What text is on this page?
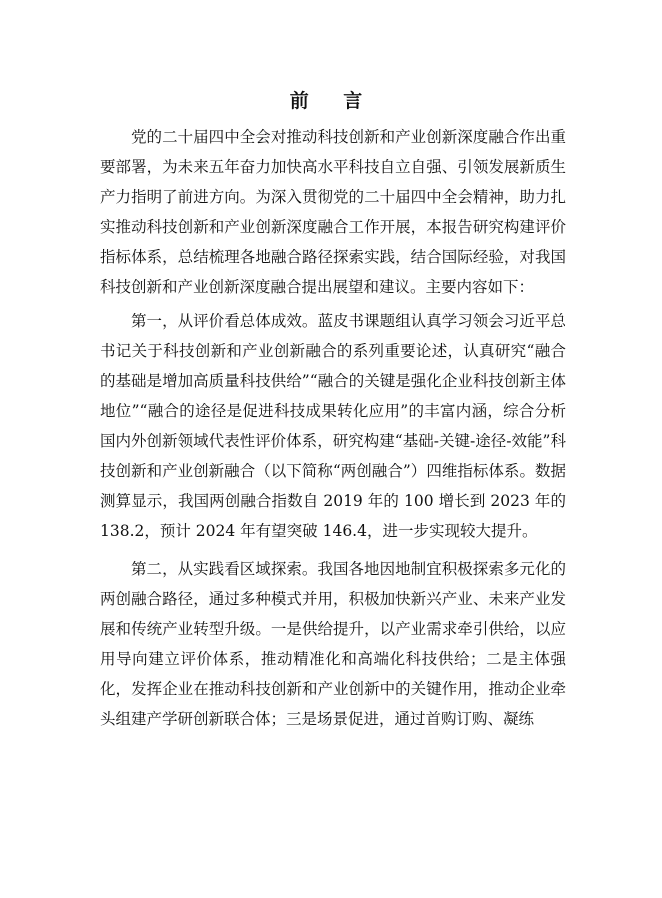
前 言

党的二十届四中全会对推动科技创新和产业创新深度融合作出重要部署，为未来五年奋力加快高水平科技自立自强、引领发展新质生产力指明了前进方向。为深入贯彻党的二十届四中全会精神，助力扎实推动科技创新和产业创新深度融合工作开展，本报告研究构建评价指标体系，总结梳理各地融合路径探索实践，结合国际经验，对我国科技创新和产业创新深度融合提出展望和建议。主要内容如下：

第一，从评价看总体成效。蓝皮书课题组认真学习领会习近平总书记关于科技创新和产业创新融合的系列重要论述，认真研究“融合的基础是增加高质量科技供给”“融合的关键是强化企业科技创新主体地位”“融合的途径是促进科技成果转化应用”的丰富内涵，综合分析国内外创新领域代表性评价体系，研究构建“基础-关键-途径-效能”科技创新和产业创新融合（以下简称“两创融合”）四维指标体系。数据测算显示，我国两创融合指数自 2019 年的 100 增长到 2023 年的 138.2，预计 2024 年有望突破 146.4，进一步实现较大提升。

第二，从实践看区域探索。我国各地因地制宜积极探索多元化的两创融合路径，通过多种模式并用，积极加快新兴产业、未来产业发展和传统产业转型升级。一是供给提升，以产业需求牵引供给，以应用导向建立评价体系，推动精准化和高端化科技供给；二是主体强化，发挥企业在推动科技创新和产业创新中的关键作用，推动企业牵头组建产学研创新联合体；三是场景促进，通过首购订购、凝练
